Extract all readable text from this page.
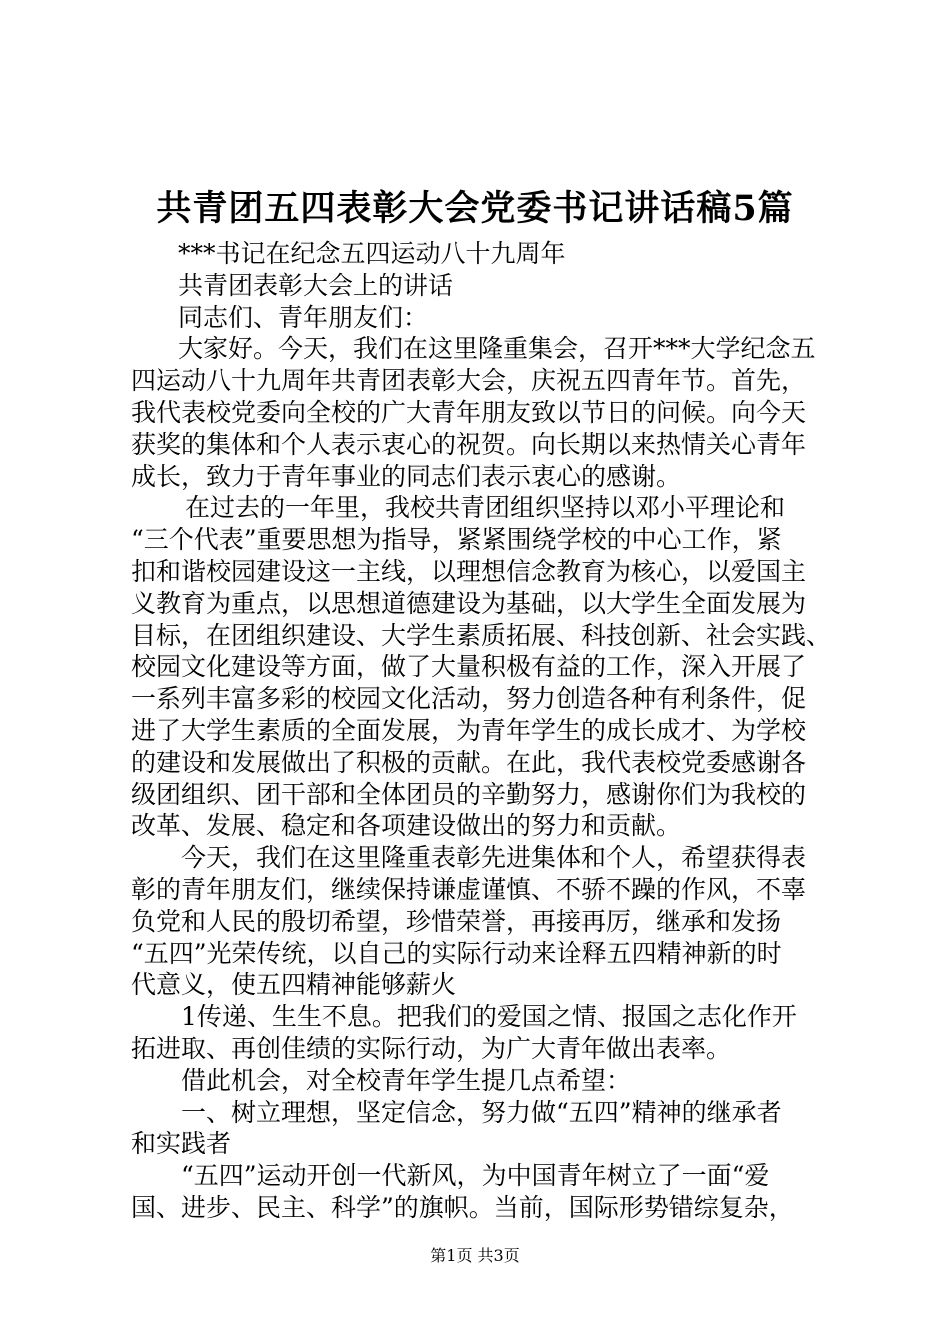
共青团五四表彰大会党委书记讲话稿5篇
***书记在纪念五四运动八十九周年
共青团表彰大会上的讲话
同志们、青年朋友们：
大家好。今天，我们在这里隆重集会，召开***大学纪念五
四运动八十九周年共青团表彰大会，庆祝五四青年节。首先，
我代表校党委向全校的广大青年朋友致以节日的问候。向今天
获奖的集体和个人表示衷心的祝贺。向长期以来热情关心青年
成长，致力于青年事业的同志们表示衷心的感谢。
在过去的一年里，我校共青团组织坚持以邓小平理论和
“三个代表”重要思想为指导，紧紧围绕学校的中心工作，紧
扣和谐校园建设这一主线，以理想信念教育为核心，以爱国主
义教育为重点，以思想道德建设为基础，以大学生全面发展为
目标，在团组织建设、大学生素质拓展、科技创新、社会实践、
校园文化建设等方面，做了大量积极有益的工作，深入开展了
一系列丰富多彩的校园文化活动，努力创造各种有利条件，促
进了大学生素质的全面发展，为青年学生的成长成才、为学校
的建设和发展做出了积极的贡献。在此，我代表校党委感谢各
级团组织、团干部和全体团员的辛勤努力，感谢你们为我校的
改革、发展、稳定和各项建设做出的努力和贡献。
今天，我们在这里隆重表彰先进集体和个人，希望获得表
彰的青年朋友们，继续保持谦虚谨慎、不骄不躁的作风，不辜
负党和人民的殷切希望，珍惜荣誉，再接再厉，继承和发扬
“五四”光荣传统，以自己的实际行动来诠释五四精神新的时
代意义，使五四精神能够薪火
1传递、生生不息。把我们的爱国之情、报国之志化作开
拓进取、再创佳绩的实际行动，为广大青年做出表率。
借此机会，对全校青年学生提几点希望：
一、树立理想，坚定信念，努力做“五四”精神的继承者
和实践者
“五四”运动开创一代新风，为中国青年树立了一面“爱
国、进步、民主、科学”的旗帜。当前，国际形势错综复杂，
第1页 共3页
